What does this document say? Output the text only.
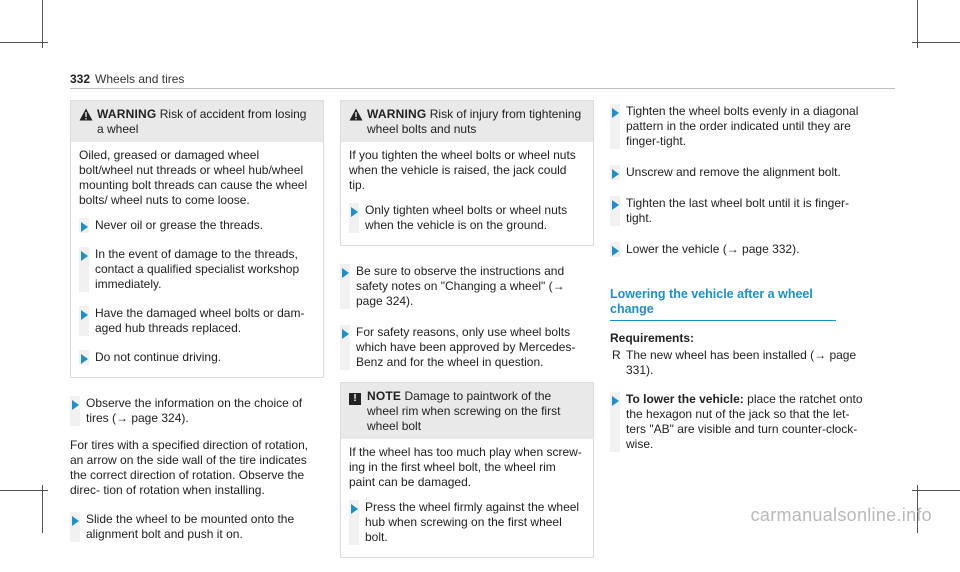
332 Wheels and tires
WARNING Risk of accident from losing a wheel

Oiled, greased or damaged wheel bolt/wheel nut threads or wheel hub/wheel mounting bolt threads can cause the wheel bolts/ wheel nuts to come loose.

Never oil or grease the threads.
In the event of damage to the threads, contact a qualified specialist workshop immediately.
Have the damaged wheel bolts or dam- aged hub threads replaced.
Do not continue driving.
Observe the information on the choice of tires (→ page 324).

For tires with a specified direction of rotation, an arrow on the side wall of the tire indicates the correct direction of rotation. Observe the direc- tion of rotation when installing.

Slide the wheel to be mounted onto the alignment bolt and push it on.
WARNING Risk of injury from tightening wheel bolts and nuts

If you tighten the wheel bolts or wheel nuts when the vehicle is raised, the jack could tip.

Only tighten wheel bolts or wheel nuts when the vehicle is on the ground.
Be sure to observe the instructions and safety notes on "Changing a wheel" (→ page 324).
For safety reasons, only use wheel bolts which have been approved by Mercedes- Benz and for the wheel in question.
! NOTE Damage to paintwork of the wheel rim when screwing on the first wheel bolt

If the wheel has too much play when screw- ing in the first wheel bolt, the wheel rim paint can be damaged.

Press the wheel firmly against the wheel hub when screwing on the first wheel bolt.
Tighten the wheel bolts evenly in a diagonal pattern in the order indicated until they are finger-tight.
Unscrew and remove the alignment bolt.
Tighten the last wheel bolt until it is finger- tight.
Lower the vehicle (→ page 332).
Lowering the vehicle after a wheel change
Requirements:
R The new wheel has been installed (→ page 331).
To lower the vehicle: place the ratchet onto the hexagon nut of the jack so that the let- ters "AB" are visible and turn counter-clock- wise.
carmanualsonline.info
